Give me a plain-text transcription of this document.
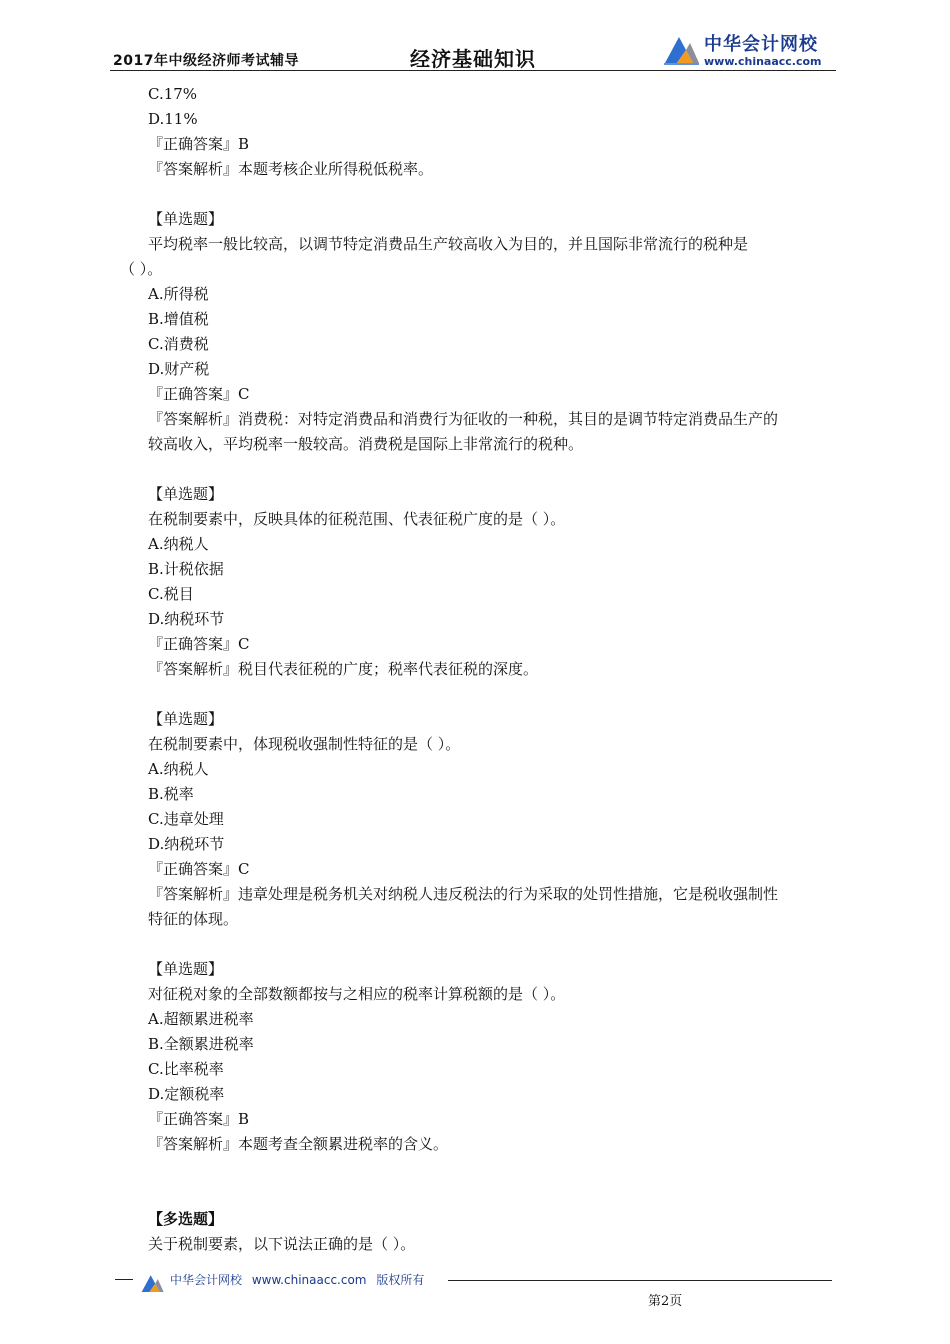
2017年中级经济师考试辅导	经济基础知识
中华会计网校
www.chinaacc.com
C.17%
D.11%
『正确答案』B
『答案解析』本题考核企业所得税低税率。
【单选题】
平均税率一般比较高，以调节特定消费品生产较高收入为目的，并且国际非常流行的税种是
（ ）。
A.所得税
B.增值税
C.消费税
D.财产税
『正确答案』C
『答案解析』消费税：对特定消费品和消费行为征收的一种税，其目的是调节特定消费品生产的
较高收入，平均税率一般较高。消费税是国际上非常流行的税种。
【单选题】
在税制要素中，反映具体的征税范围、代表征税广度的是（ ）。
A.纳税人
B.计税依据
C.税目
D.纳税环节
『正确答案』C
『答案解析』税目代表征税的广度；税率代表征税的深度。
【单选题】
在税制要素中，体现税收强制性特征的是（ ）。
A.纳税人
B.税率
C.违章处理
D.纳税环节
『正确答案』C
『答案解析』违章处理是税务机关对纳税人违反税法的行为采取的处罚性措施，它是税收强制性
特征的体现。
【单选题】
对征税对象的全部数额都按与之相应的税率计算税额的是（ ）。
A.超额累进税率
B.全额累进税率
C.比率税率
D.定额税率
『正确答案』B
『答案解析』本题考查全额累进税率的含义。
【多选题】
关于税制要素，以下说法正确的是（ ）。
中华会计网校 www.chinaacc.com 版权所有
第2页
